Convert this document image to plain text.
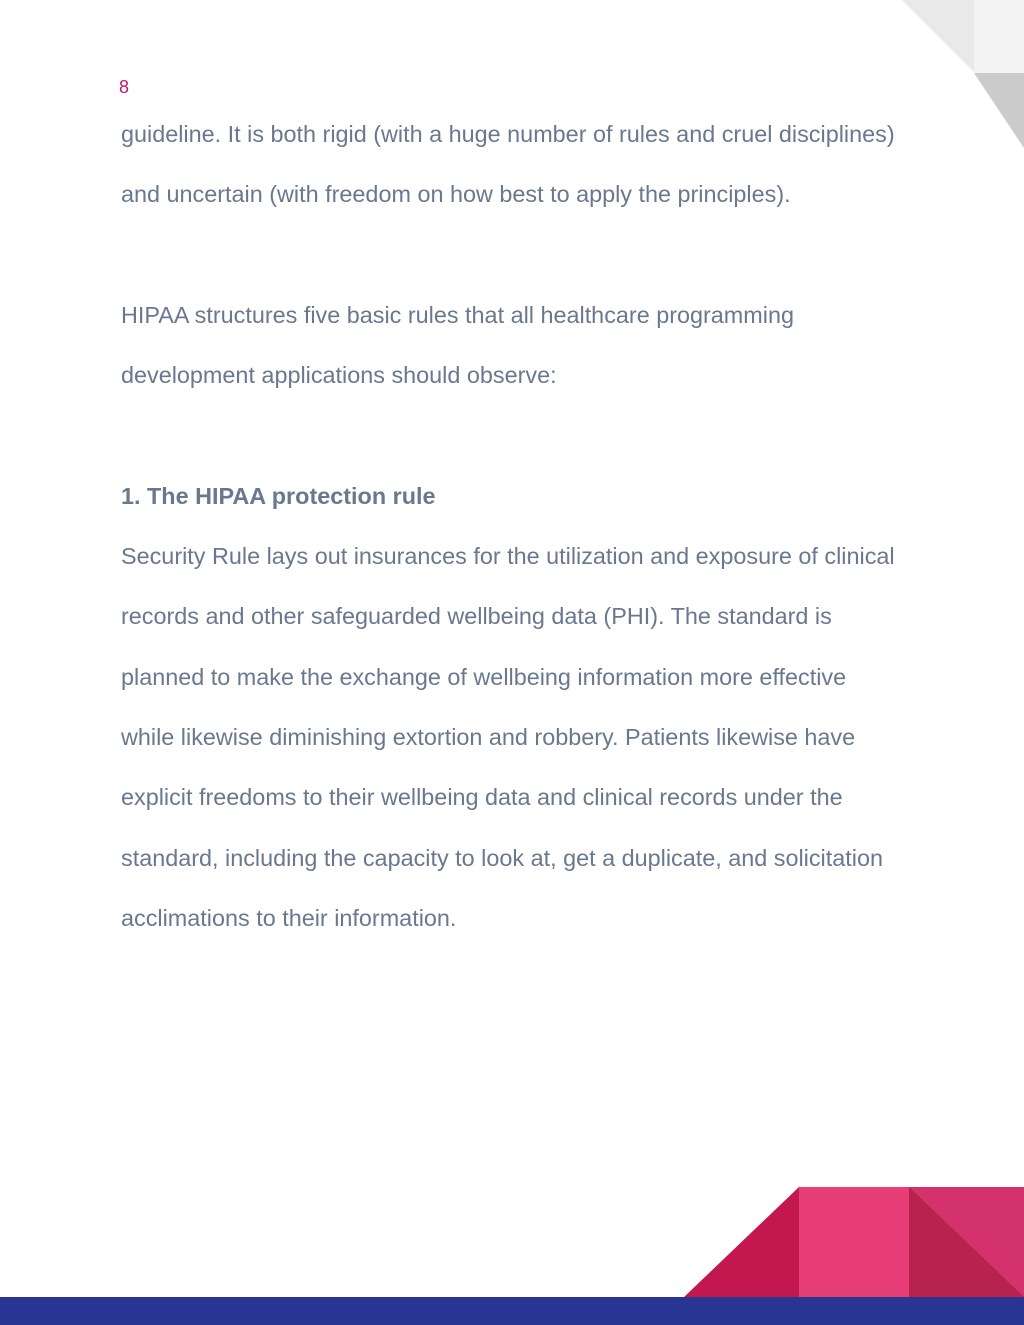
8

guideline. It is both rigid (with a huge number of rules and cruel disciplines) and uncertain (with freedom on how best to apply the principles).

HIPAA structures five basic rules that all healthcare programming development applications should observe:

1. The HIPAA protection rule

Security Rule lays out insurances for the utilization and exposure of clinical records and other safeguarded wellbeing data (PHI). The standard is planned to make the exchange of wellbeing information more effective while likewise diminishing extortion and robbery. Patients likewise have explicit freedoms to their wellbeing data and clinical records under the standard, including the capacity to look at, get a duplicate, and solicitation acclimations to their information.
